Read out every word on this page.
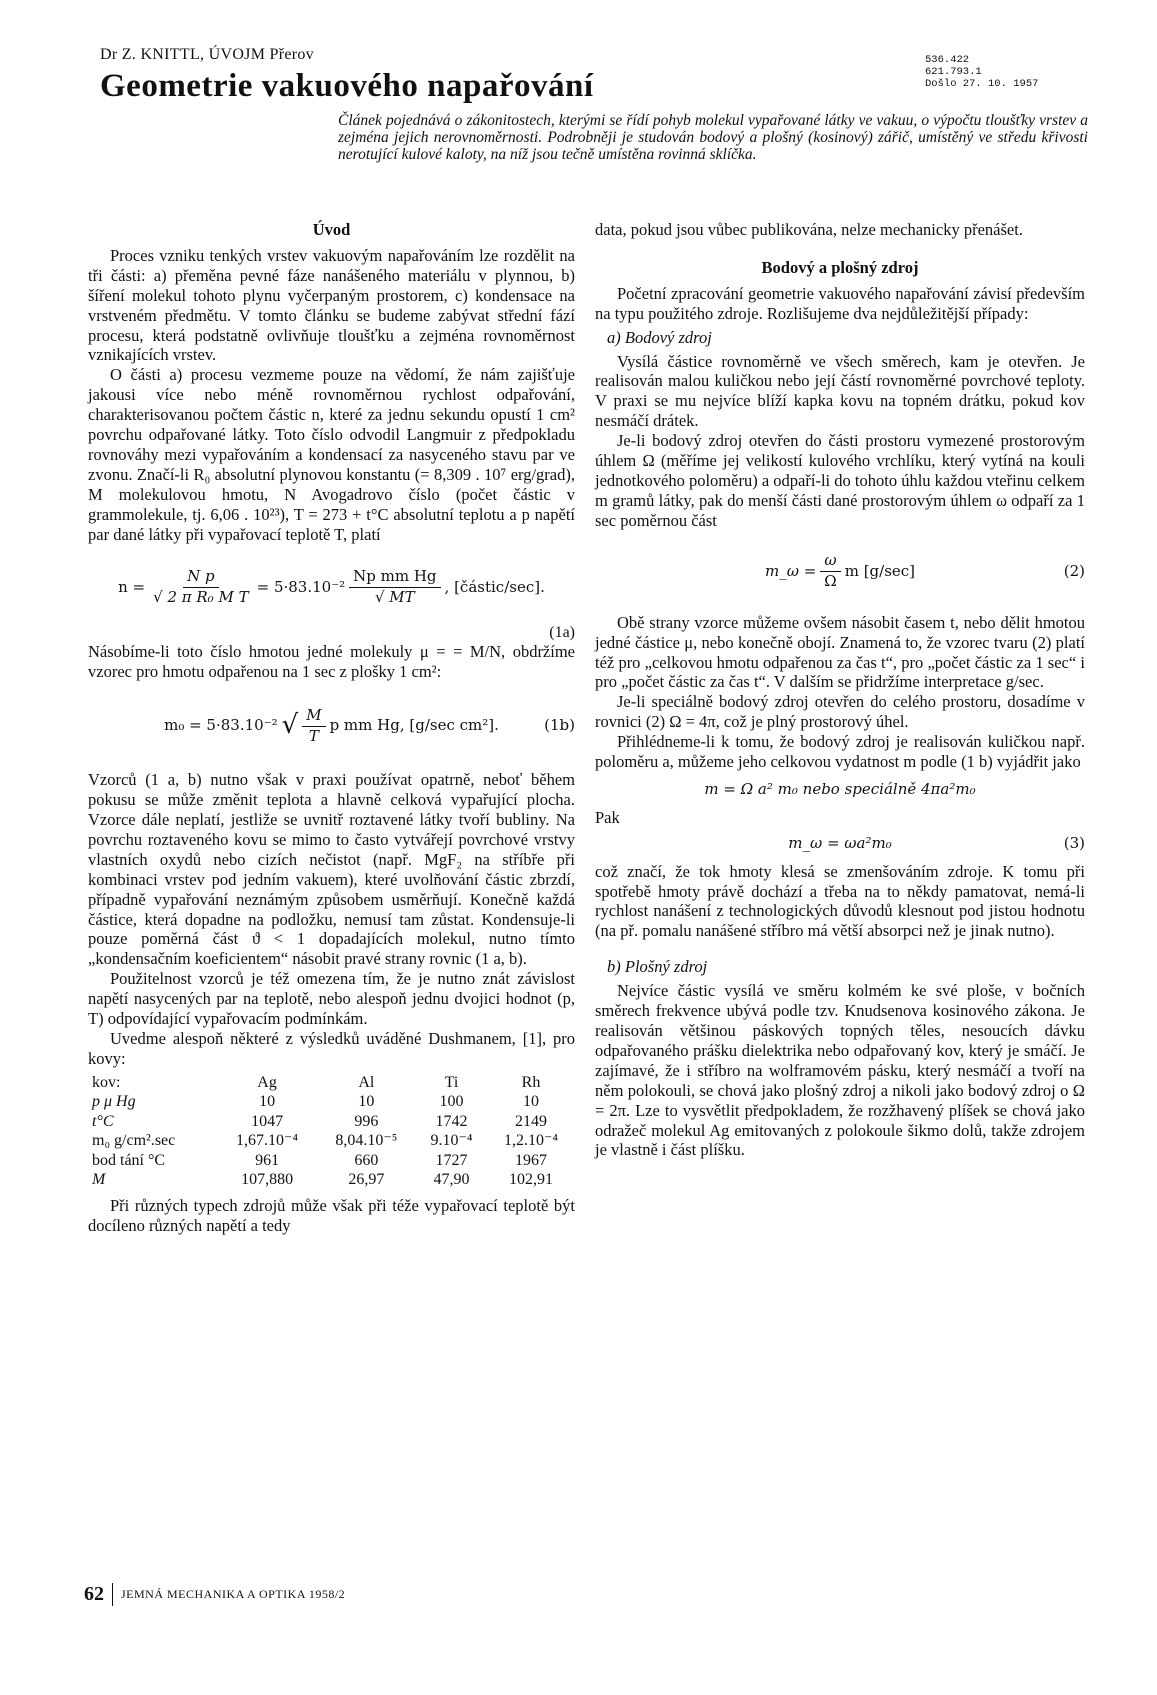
Dr Z. KNITTL, ÚVOJM Přerov
Geometrie vakuového napařování
536.422
621.793.1
Došlo 27. 10. 1957
Článek pojednává o zákonitostech, kterými se řídí pohyb molekul vypařované látky ve vakuu, o výpočtu tloušťky vrstev a zejména jejich nerovnoměrnosti. Podrobněji je studován bodový a plošný (kosinový) zářič, umístěný ve středu křivosti nerotující kulové kaloty, na níž jsou tečně umístěna rovinná sklíčka.
Úvod

Proces vzniku tenkých vrstev vakuovým napařováním lze rozdělit na tři části: a) přeměna pevné fáze nanášeného materiálu v plynnou, b) šíření molekul tohoto plynu vyčerpaným prostorem, c) kondensace na vrstveném předmětu. V tomto článku se budeme zabývat střední fází procesu, která podstatně ovlivňuje tloušťku a zejména rovnoměrnost vznikajících vrstev.

O části a) procesu vezmeme pouze na vědomí, že nám zajišťuje jakousi více nebo méně rovnoměrnou rychlost odpařování, charakterisovanou počtem částic n, které za jednu sekundu opustí 1 cm² povrchu odpařované látky. Toto číslo odvodil Langmuir z předpokladu rovnováhy mezi vypařováním a kondensací za nasyceného stavu par ve zvonu. Značí-li R₀ absolutní plynovou konstantu (= 8,309 . 10⁷ erg/grad), M molekulovou hmotu, N Avogadrovo číslo (počet částic v grammolekule, tj. 6,06 . 10²³), T = 273 + t°C absolutní teplotu a p napětí par dané látky při vypařovací teplotě T, platí

$n = \frac{\text{N p}}{\text{√ 2 π R₀ M T}} = 5\cdot 83.10^{-2} \frac{\text{Np mm Hg}}{√ MT}$ , [částic/sec].
(1a)

Násobíme-li toto číslo hmotou jedné molekuly μ = = M/N, obdržíme vzorec pro hmotu odpařenou na 1 sec z plošky 1 cm²:

m₀ = 5·83.10⁻² √ $\frac{M}{T}$ p mm Hg, [g/sec cm²].	(1b)

Vzorců (1 a, b) nutno však v praxi používat opatrně, neboť během pokusu se může změnit teplota a hlavně celková vypařující plocha. Vzorce dále neplatí, jestliže se uvnitř roztavené látky tvoří bubliny. Na povrchu roztaveného kovu se mimo to často vytvářejí povrchové vrstvy vlastních oxydů nebo cizích nečistot (např. MgF₂ na stříbře při kombinaci vrstev pod jedním vakuem), které uvolňování částic zbrzdí, případně vypařování neznámým způsobem usměrňují. Konečně každá částice, která dopadne na podložku, nemusí tam zůstat. Kondensuje-li pouze poměrná část ϑ < 1 dopadajících molekul, nutno tímto „kondensačním koeficientem“ násobit pravé strany rovnic (1 a, b).

Použitelnost vzorců je též omezena tím, že je nutno znát závislost napětí nasycených par na teplotě, nebo alespoň jednu dvojici hodnot (p, T) odpovídající vypařovacím podmínkám.

Uvedme alespoň některé z výsledků uváděné Dushmanem, [1], pro kovy:

kov:	Ag	Al	Ti	Rh
p μ Hg	10	10	100	10
t°C	1047	996	1742	2149
m₀ g/cm².sec	1,67.10⁻⁴	8,04.10⁻⁵	9.10⁻⁴	1,2.10⁻⁴
bod tání °C	961	660	1727	1967
M	107,880	26,97	47,90	102,91

Při různých typech zdrojů může však při téže vypařovací teplotě být docíleno různých napětí a tedy

data, pokud jsou vůbec publikována, nelze mechanicky přenášet.

Bodový a plošný zdroj

Početní zpracování geometrie vakuového napařování závisí především na typu použitého zdroje. Rozlišujeme dva nejdůležitější případy:

a) Bodový zdroj

Vysílá částice rovnoměrně ve všech směrech, kam je otevřen. Je realisován malou kuličkou nebo její částí rovnoměrné povrchové teploty. V praxi se mu nejvíce blíží kapka kovu na topném drátku, pokud kov nesmáčí drátek.

Je-li bodový zdroj otevřen do části prostoru vymezené prostorovým úhlem Ω (měříme jej velikostí kulového vrchlíku, který vytíná na kouli jednotkového poloměru) a odpaří-li do tohoto úhlu každou vteřinu celkem m gramů látky, pak do menší části dané prostorovým úhlem ω odpaří za 1 sec poměrnou část

m_ω = $\frac{\omega}{\Omega}$ m [g/sec]	(2)

Obě strany vzorce můžeme ovšem násobit časem t, nebo dělit hmotou jedné částice μ, nebo konečně obojí. Znamená to, že vzorec tvaru (2) platí též pro „celkovou hmotu odpařenou za čas t“, pro „počet částic za 1 sec“ i pro „počet částic za čas t“. V dalším se přidržíme interpretace g/sec.

Je-li speciálně bodový zdroj otevřen do celého prostoru, dosadíme v rovnici (2) Ω = 4π, což je plný prostorový úhel.

Přihlédneme-li k tomu, že bodový zdroj je realisován kuličkou např. poloměru a, můžeme jeho celkovou vydatnost m podle (1 b) vyjádřit jako

m = Ω a² m₀ nebo speciálně 4πa²m₀

Pak

m_ω = ωa²m₀	(3)

což značí, že tok hmoty klesá se zmenšováním zdroje. K tomu při spotřebě hmoty právě dochází a třeba na to někdy pamatovat, nemá-li rychlost nanášení z technologických důvodů klesnout pod jistou hodnotu (na př. pomalu nanášené stříbro má větší absorpci než je jinak nutno).

b) Plošný zdroj

Nejvíce částic vysílá ve směru kolmém ke své ploše, v bočních směrech frekvence ubývá podle tzv. Knudsenova kosinového zákona. Je realisován většinou páskových topných těles, nesoucích dávku odpařovaného prášku dielektrika nebo odpařovaný kov, který je smáčí. Je zajímavé, že i stříbro na wolframovém pásku, který nesmáčí a tvoří na něm polokouli, se chová jako plošný zdroj a nikoli jako bodový zdroj o Ω = 2π. Lze to vysvětlit předpokladem, že rozžhavený plíšek se chová jako odražeč molekul Ag emitovaných z polokoule šikmo dolů, takže zdrojem je vlastně i část plíšku.

62	JEMNÁ MECHANIKA A OPTIKA 1958/2
